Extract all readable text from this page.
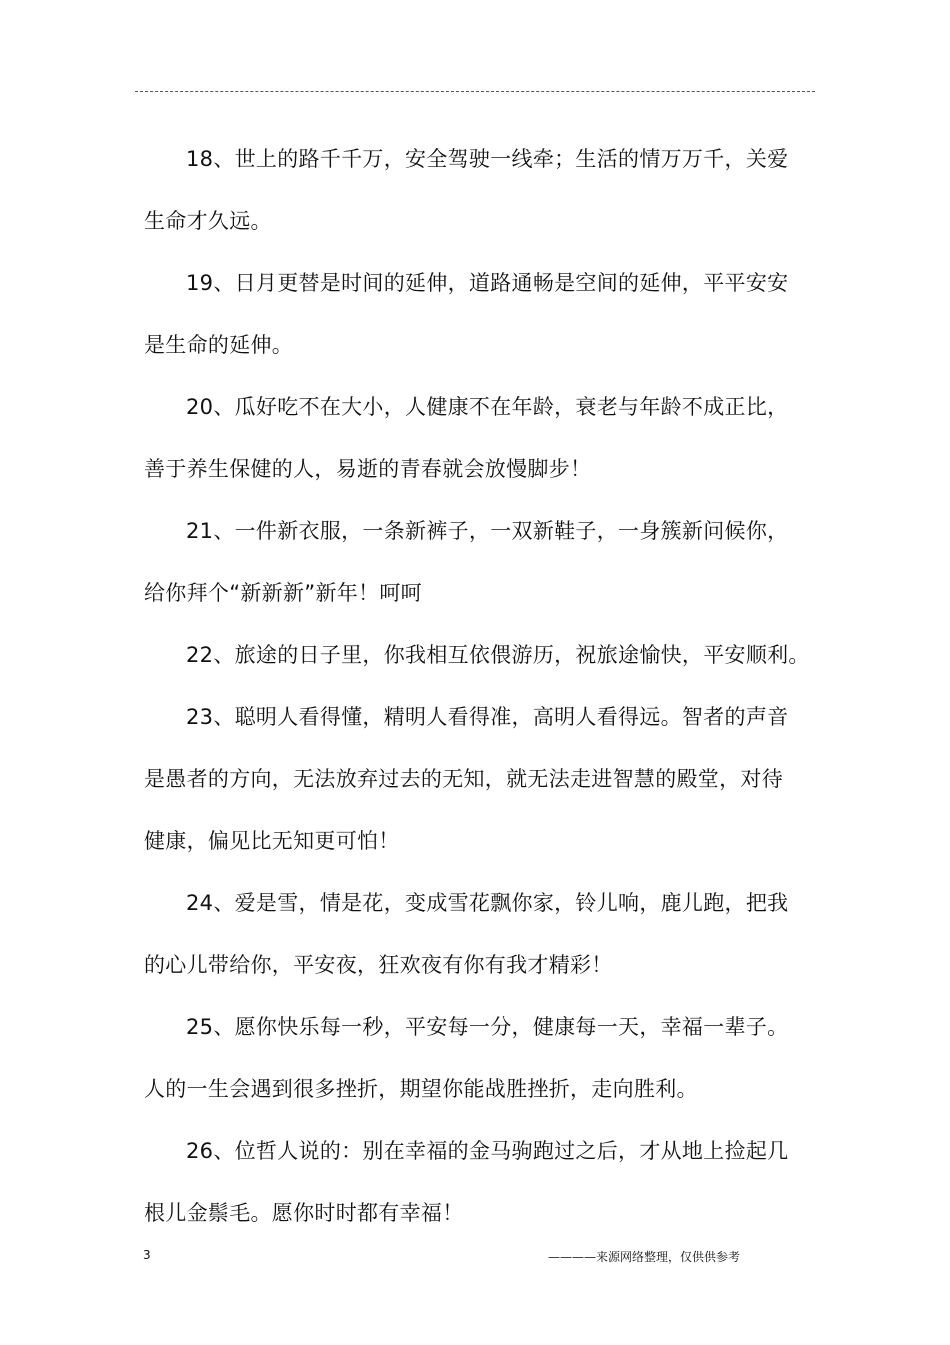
18、世上的路千千万，安全驾驶一线牵；生活的情万万千，关爱
生命才久远。

19、日月更替是时间的延伸，道路通畅是空间的延伸，平平安安
是生命的延伸。

20、瓜好吃不在大小，人健康不在年龄，衰老与年龄不成正比，
善于养生保健的人，易逝的青春就会放慢脚步！

21、一件新衣服，一条新裤子，一双新鞋子，一身簇新问候你，
给你拜个“新新新”新年！呵呵

22、旅途的日子里，你我相互依偎游历，祝旅途愉快，平安顺利。

23、聪明人看得懂，精明人看得准，高明人看得远。智者的声音
是愚者的方向，无法放弃过去的无知，就无法走进智慧的殿堂，对待
健康，偏见比无知更可怕！

24、爱是雪，情是花，变成雪花飘你家，铃儿响，鹿儿跑，把我
的心儿带给你，平安夜，狂欢夜有你有我才精彩！

25、愿你快乐每一秒，平安每一分，健康每一天，幸福一辈子。
人的一生会遇到很多挫折，期望你能战胜挫折，走向胜利。

26、位哲人说的：别在幸福的金马驹跑过之后，才从地上捡起几
根儿金鬃毛。愿你时时都有幸福！

3	————来源网络整理，仅供供参考
